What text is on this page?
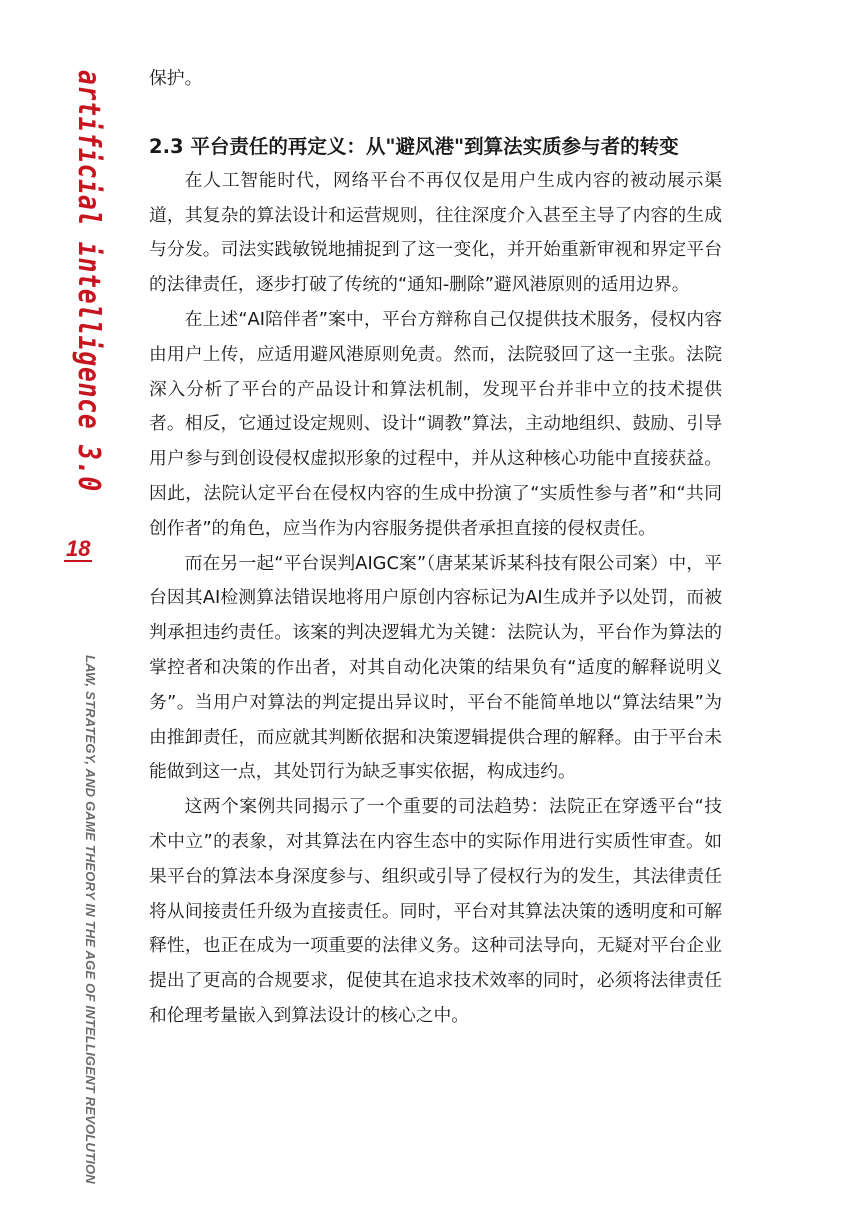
artificial intelligence 3.0
18
LAW, STRATEGY, AND GAME THEORY IN THE AGE OF INTELLIGENT REVOLUTION

保护。

2.3 平台责任的再定义：从"避风港"到算法实质参与者的转变

在人工智能时代，网络平台不再仅仅是用户生成内容的被动展示渠道，其复杂的算法设计和运营规则，往往深度介入甚至主导了内容的生成与分发。司法实践敏锐地捕捉到了这一变化，并开始重新审视和界定平台的法律责任，逐步打破了传统的“通知-删除”避风港原则的适用边界。

在上述“AI陪伴者”案中，平台方辩称自己仅提供技术服务，侵权内容由用户上传，应适用避风港原则免责。然而，法院驳回了这一主张。法院深入分析了平台的产品设计和算法机制，发现平台并非中立的技术提供者。相反，它通过设定规则、设计“调教”算法，主动地组织、鼓励、引导用户参与到创设侵权虚拟形象的过程中，并从这种核心功能中直接获益。因此，法院认定平台在侵权内容的生成中扮演了“实质性参与者”和“共同创作者”的角色，应当作为内容服务提供者承担直接的侵权责任。

而在另一起“平台误判AIGC案”（唐某某诉某科技有限公司案）中，平台因其AI检测算法错误地将用户原创内容标记为AI生成并予以处罚，而被判承担违约责任。该案的判决逻辑尤为关键：法院认为，平台作为算法的掌控者和决策的作出者，对其自动化决策的结果负有“适度的解释说明义务”。当用户对算法的判定提出异议时，平台不能简单地以“算法结果”为由推卸责任，而应就其判断依据和决策逻辑提供合理的解释。由于平台未能做到这一点，其处罚行为缺乏事实依据，构成违约。

这两个案例共同揭示了一个重要的司法趋势：法院正在穿透平台“技术中立”的表象，对其算法在内容生态中的实际作用进行实质性审查。如果平台的算法本身深度参与、组织或引导了侵权行为的发生，其法律责任将从间接责任升级为直接责任。同时，平台对其算法决策的透明度和可解释性，也正在成为一项重要的法律义务。这种司法导向，无疑对平台企业提出了更高的合规要求，促使其在追求技术效率的同时，必须将法律责任和伦理考量嵌入到算法设计的核心之中。
